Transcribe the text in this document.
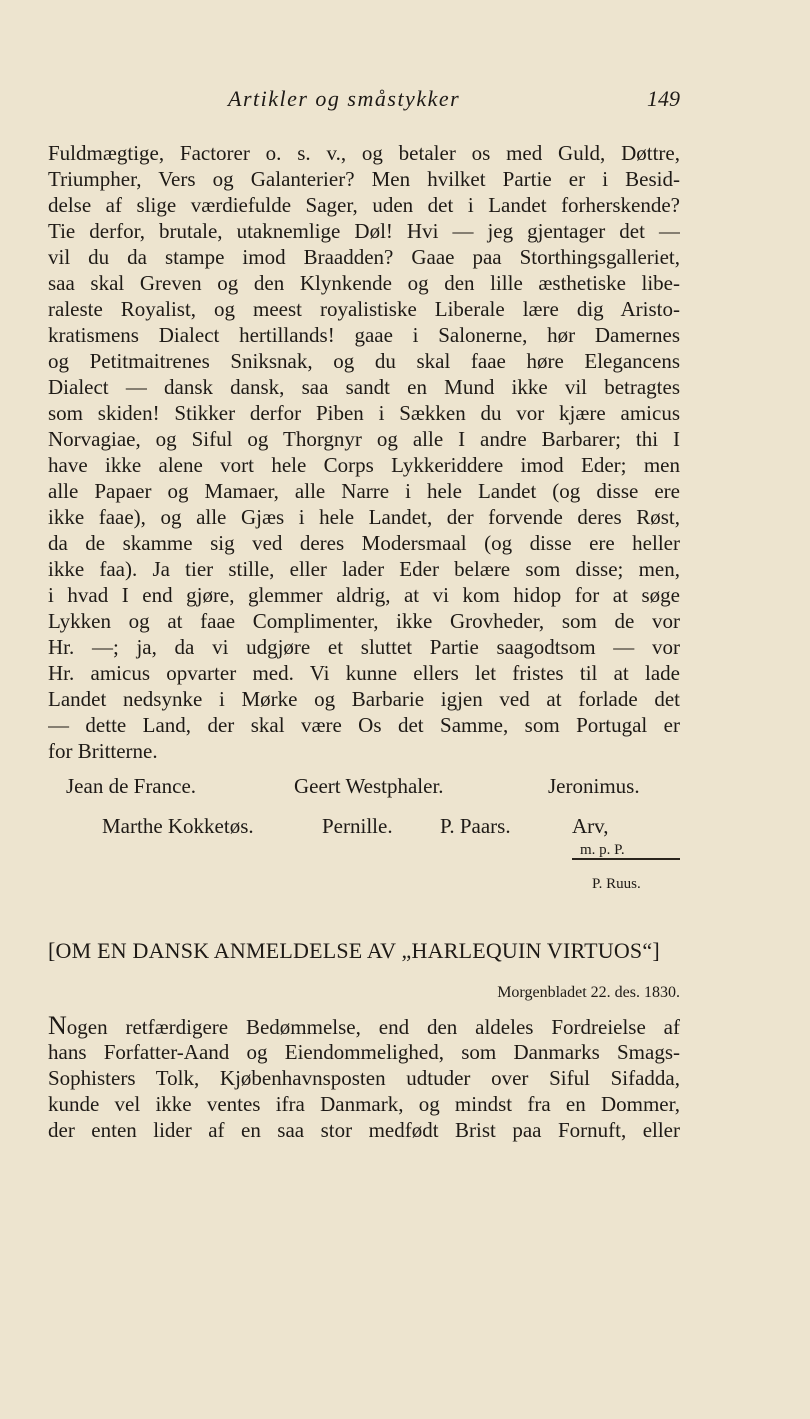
Artikler og småstykker	149
Fuldmægtige, Factorer o. s. v., og betaler os med Guld, Døttre,
Triumpher, Vers og Galanterier? Men hvilket Partie er i Besid-
delse af slige værdiefulde Sager, uden det i Landet forherskende?
Tie derfor, brutale, utaknemlige Døl! Hvi — jeg gjentager det —
vil du da stampe imod Braadden? Gaae paa Storthingsgalleriet,
saa skal Greven og den Klynkende og den lille æsthetiske libe-
raleste Royalist, og meest royalistiske Liberale lære dig Aristo-
kratismens Dialect hertillands! gaae i Salonerne, hør Damernes
og Petitmaitrenes Sniksnak, og du skal faae høre Elegancens
Dialect — dansk dansk, saa sandt en Mund ikke vil betragtes
som skiden! Stikker derfor Piben i Sækken du vor kjære amicus
Norvagiae, og Siful og Thorgnyr og alle I andre Barbarer; thi I
have ikke alene vort hele Corps Lykkeriddere imod Eder; men
alle Papaer og Mamaer, alle Narre i hele Landet (og disse ere
ikke faae), og alle Gjæs i hele Landet, der forvende deres Røst,
da de skamme sig ved deres Modersmaal (og disse ere heller
ikke faa). Ja tier stille, eller lader Eder belære som disse; men,
i hvad I end gjøre, glemmer aldrig, at vi kom hidop for at søge
Lykken og at faae Complimenter, ikke Grovheder, som de vor
Hr. —; ja, da vi udgjøre et sluttet Partie saagodtsom — vor
Hr. amicus opvarter med. Vi kunne ellers let fristes til at lade
Landet nedsynke i Mørke og Barbarie igjen ved at forlade det
— dette Land, der skal være Os det Samme, som Portugal er
for Britterne.
Jean de France.	Geert Westphaler.	Jeronimus.
Marthe Kokketøs.	Pernille. P. Paars.	Arv,
m. p. P.
P. Ruus.
[OM EN DANSK ANMELDELSE AV „HARLEQUIN VIRTUOS“]
Morgenbladet 22. des. 1830.
Nogen retfærdigere Bedømmelse, end den aldeles Fordreielse af
hans Forfatter-Aand og Eiendommelighed, som Danmarks Smags-
Sophisters Tolk, Kjøbenhavnsposten udtuder over Siful Sifadda,
kunde vel ikke ventes ifra Danmark, og mindst fra en Dommer,
der enten lider af en saa stor medfødt Brist paa Fornuft, eller
